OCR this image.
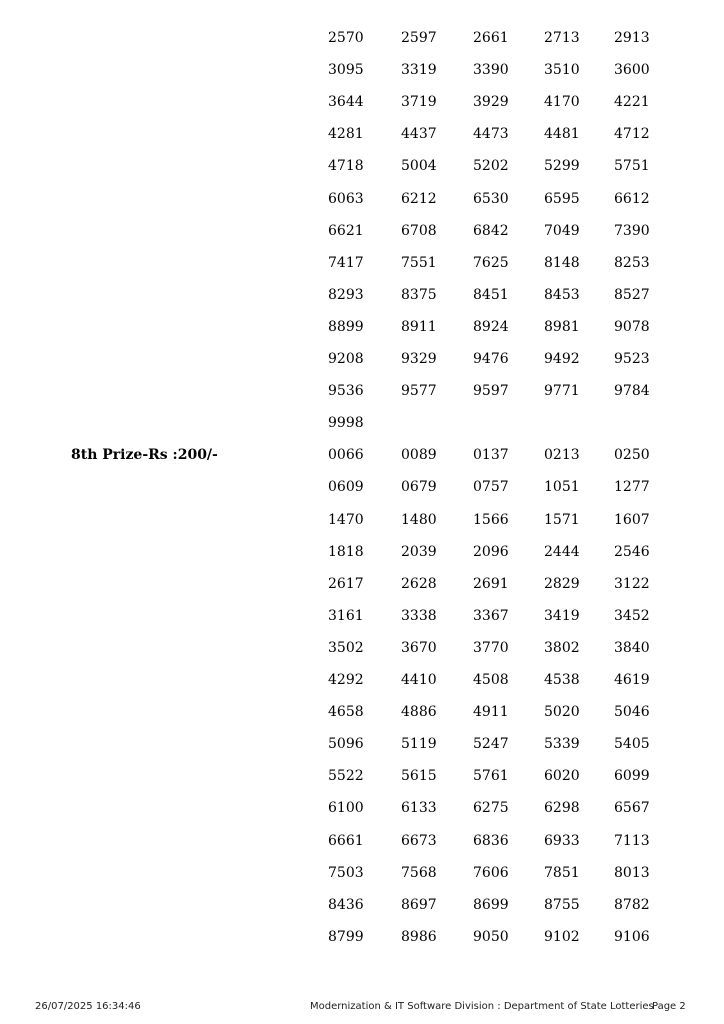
2570	2597	2661	2713 2913
3095	3319	3390	3510 3600
3644	3719	3929	4170 4221
4281	4437	4473	4481 4712
4718	5004	5202	5299 5751
6063	6212	6530	6595 6612
6621	6708	6842	7049 7390
7417	7551	7625	8148 8253
8293	8375	8451	8453 8527
8899	8911	8924	8981 9078
9208	9329	9476	9492 9523
9536	9577	9597	9771 9784
9998
0066	0089	0137	0213 0250
0609	0679	0757	1051 1277
1470	1480	1566	1571 1607
1818	2039	2096	2444 2546
2617	2628	2691	2829 3122
3161	3338	3367	3419 3452
3502	3670	3770	3802 3840
4292	4410	4508	4538 4619
4658	4886	4911	5020 5046
5096	5119	5247	5339 5405
5522	5615	5761	6020 6099
6100	6133	6275	6298 6567
6661	6673	6836	6933 7113
7503	7568	7606	7851 8013
8436	8697	8699	8755 8782
8799	8986	9050	9102 9106
8th Prize-Rs :200/-
26/07/2025 16:34:46	Modernization & IT Software Division : Department of State Lotteries
Page 2
